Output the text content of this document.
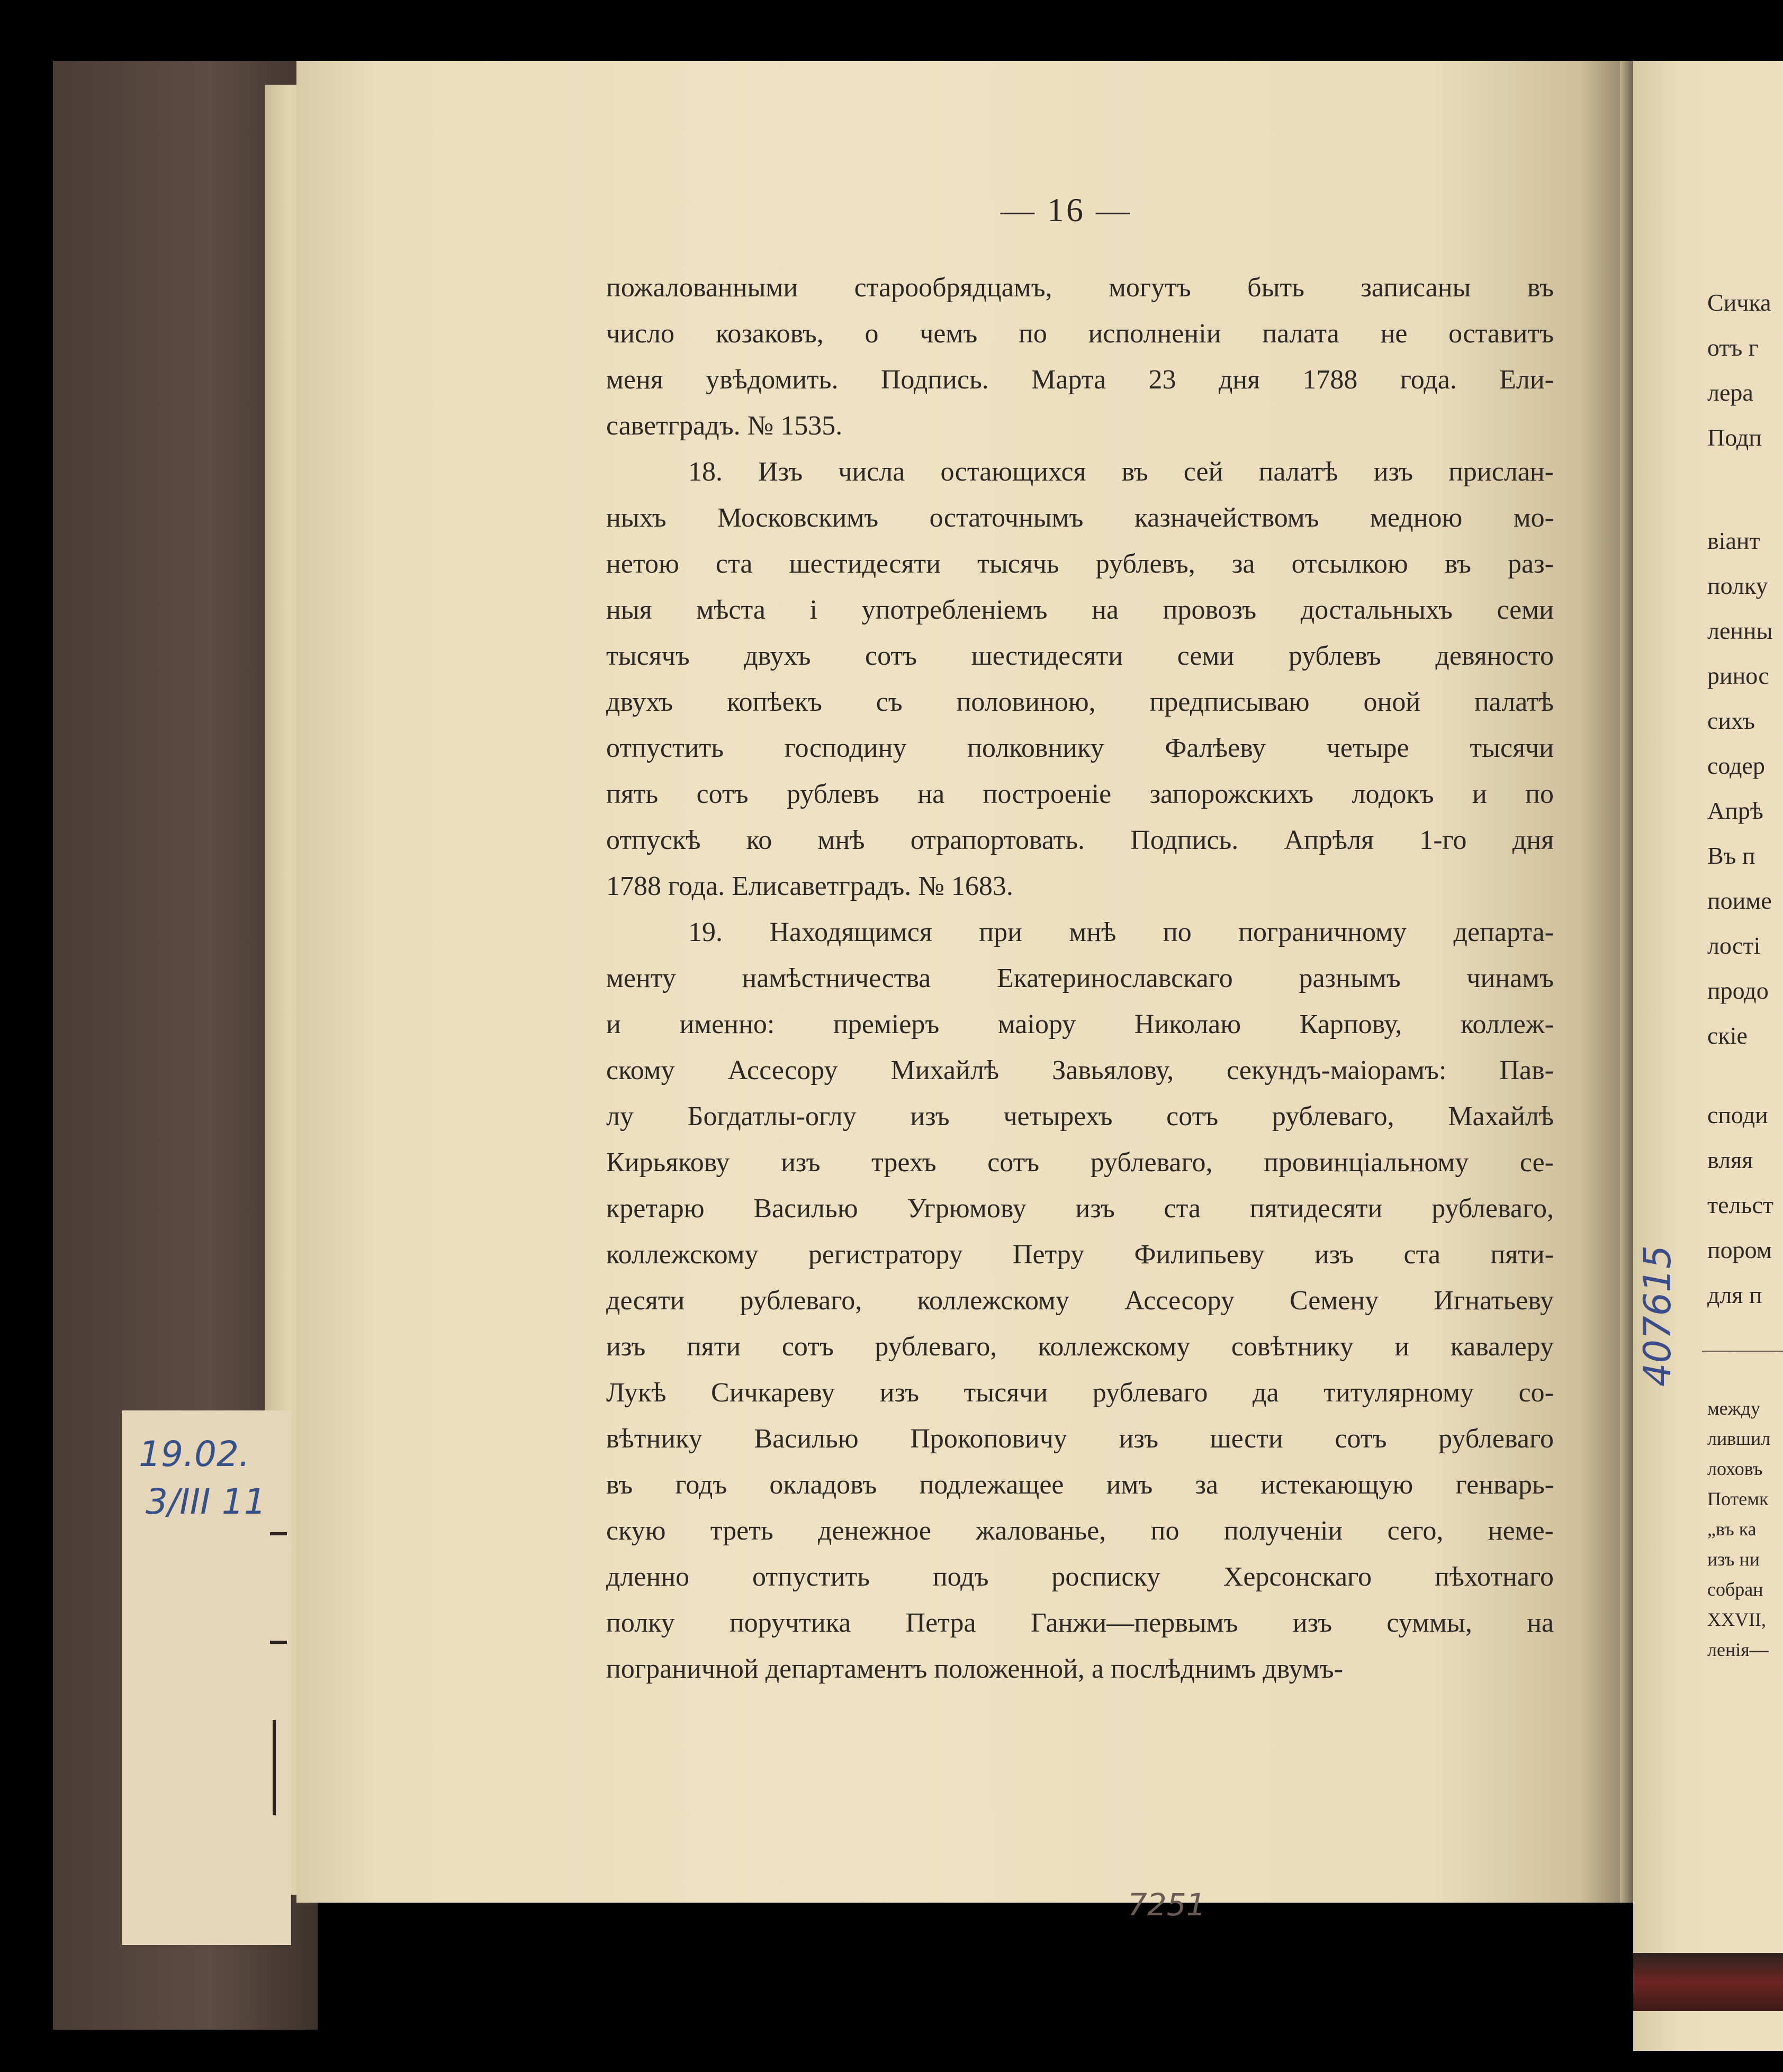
19.02.
3/III 11
— 16 —
пожалованными старообрядцамъ, могутъ быть записаны въ
число козаковъ, о чемъ по исполненiи палата не оставитъ
меня увѣдомить. Подпись. Марта 23 дня 1788 года. Ели-
саветградъ. № 1535.
18. Изъ числа остающихся въ сей палатѣ изъ прислан-
ныхъ Московскимъ остаточнымъ казначействомъ медною мо-
нетою ста шестидесяти тысячь рублевъ, за отсылкою въ раз-
ныя мѣста i употребленiемъ на провозъ достальныхъ семи
тысячъ двухъ сотъ шестидесяти семи рублевъ девяносто
двухъ копѣекъ съ половиною, предписываю оной палатѣ
отпустить господину полковнику Фалѣеву четыре тысячи
пять сотъ рублевъ на построенiе запорожскихъ лодокъ и по
отпускѣ ко мнѣ отрапортовать. Подпись. Апрѣля 1-го дня
1788 года. Елисаветградъ. № 1683.
19. Находящимся при мнѣ по пограничному департа-
менту намѣстничества Екатеринославскаго разнымъ чинамъ
и именно: премiеръ маiору Николаю Карпову, коллеж-
скому Ассесору Михайлѣ Завьялову, секундъ-маiорамъ: Пав-
лу Богдатлы-оглу изъ четырехъ сотъ рублеваго, Махайлѣ
Кирьякову изъ трехъ сотъ рублеваго, провинцiальному се-
кретарю Василью Угрюмову изъ ста пятидесяти рублеваго,
коллежскому регистратору Петру Филипьеву изъ ста пяти-
десяти рублеваго, коллежскому Ассесору Семену Игнатьеву
изъ пяти сотъ рублеваго, коллежскому совѣтнику и кавалеру
Лукѣ Сичкареву изъ тысячи рублеваго да титулярному со-
вѣтнику Василью Прокоповичу изъ шести сотъ рублеваго
въ годъ окладовъ подлежащее имъ за истекающую генварь-
скую треть денежное жалованье, по полученiи сего, неме-
дленно отпустить подъ росписку Херсонскаго пѣхотнаго
полку поручтика Петра Ганжи—первымъ изъ суммы, на
пограничной департаментъ положенной, а послѣднимъ двумъ-
7251
Сичка
отъ г
лера
Подп
вiант
полку
ленны
ринос
сихъ
содер
Апрѣ
Въ п
поиме
лостi
продо
скiе
споди
вляя
тельст
пором
для п
между
лившил
лоховъ
Потемк
„въ ка
изъ ни
собран
XXVII,
ленiя—
407615
